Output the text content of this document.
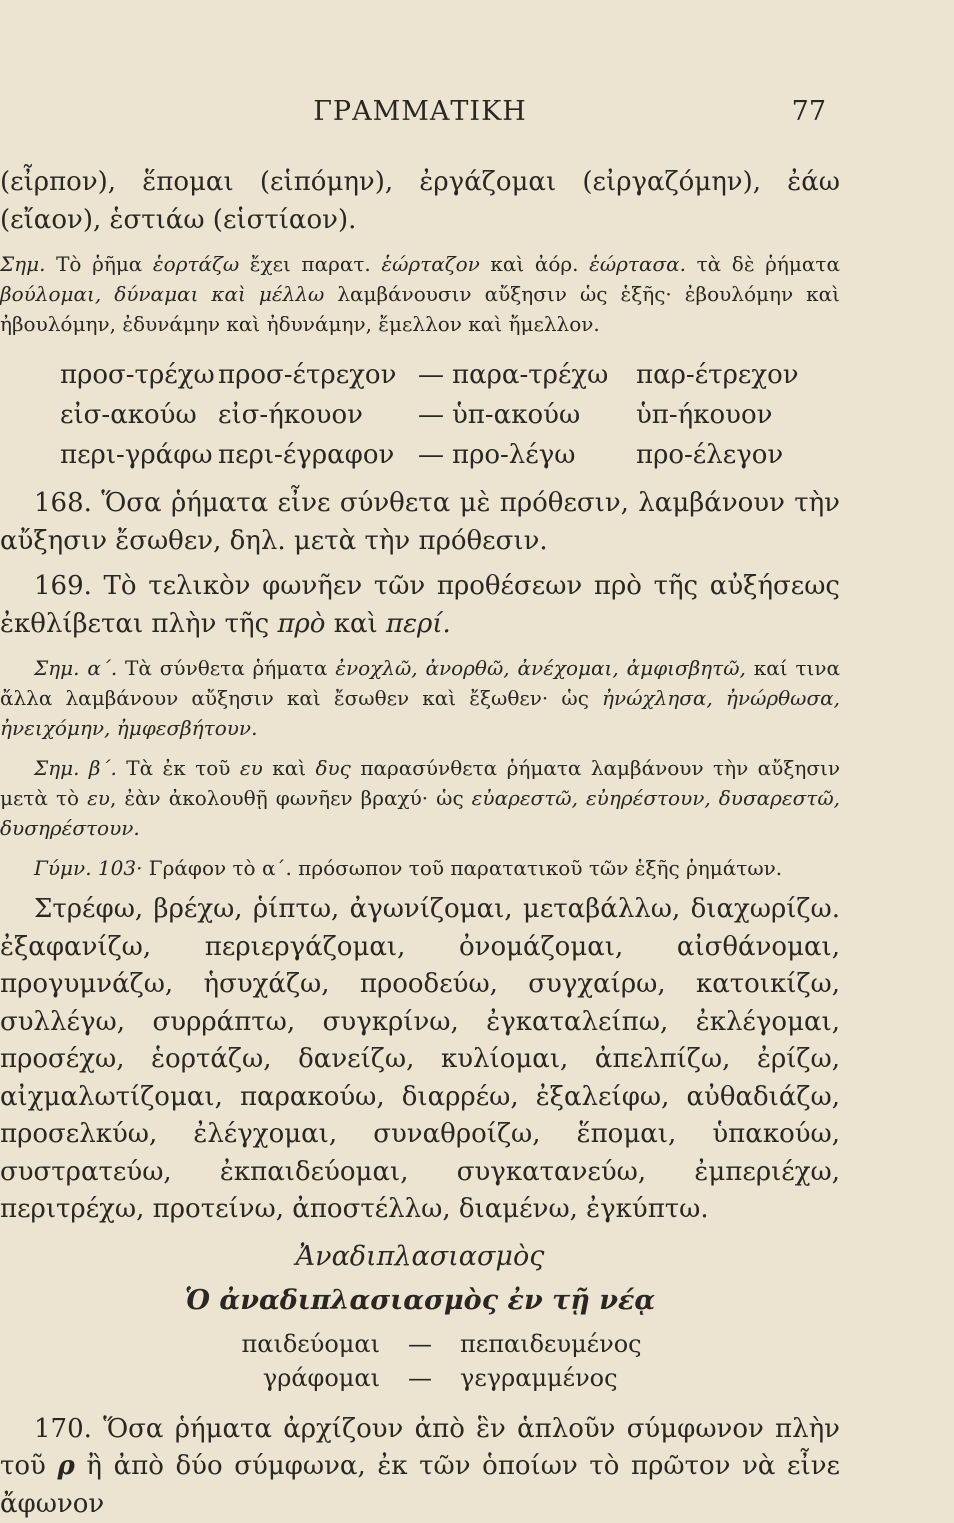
ΓΡΑΜΜΑΤΙΚΗ	77

(εἶρπον), ἕπομαι (εἱπόμην), ἐργάζομαι (εἰργαζόμην), ἐάω (εἴαον), ἑστιάω (εἱστίαον).

Σημ. Τὸ ῥῆμα ἑορτάζω ἔχει παρατ. ἑώρταζον καὶ ἀόρ. ἑώρτασα. τὰ δὲ ῥήματα βούλομαι, δύναμαι καὶ μέλλω λαμβάνουσιν αὔξησιν ὡς ἑξῆς· ἐβουλόμην καὶ ἠβουλόμην, ἐδυνάμην καὶ ἠδυνάμην, ἔμελλον καὶ ἤμελλον.

προσ-τρέχω προσ-έτρεχον — παρα-τρέχω	παρ-έτρεχον
εἰσ-ακούω εἰσ-ήκουον	— ὑπ-ακούω	ὑπ-ήκουον
περι-γράφω περι-έγραφον — προ-λέγω	προ-έλεγον

168. Ὅσα ῥήματα εἶνε σύνθετα μὲ πρόθεσιν, λαμβάνουν τὴν αὔξησιν ἔσωθεν, δηλ. μετὰ τὴν πρόθεσιν.

169. Τὸ τελικὸν φωνῆεν τῶν προθέσεων πρὸ τῆς αὐξήσεως ἐκθλίβεται πλὴν τῆς πρὸ καὶ περί.

Σημ. α΄. Τὰ σύνθετα ῥήματα ἐνοχλῶ, ἀνορθῶ, ἀνέχομαι, ἀμφισβητῶ, καί τινα ἄλλα λαμβάνουν αὔξησιν καὶ ἔσωθεν καὶ ἔξωθεν· ὡς ἠνώχλησα, ἠνώρθωσα, ἠνειχόμην, ἠμφεσβήτουν.

Σημ. β΄. Τὰ ἐκ τοῦ ευ καὶ δυς παρασύνθετα ῥήματα λαμβάνουν τὴν αὔξησιν μετὰ τὸ ευ, ἐὰν ἀκολουθῇ φωνῆεν βραχύ· ὡς εὐαρεστῶ, εὐηρέστουν, δυσαρεστῶ, δυσηρέστουν.

Γύμν. 103· Γράφον τὸ α΄. πρόσωπον τοῦ παρατατικοῦ τῶν ἑξῆς ῥημάτων.

Στρέφω, βρέχω, ῥίπτω, ἀγωνίζομαι, μεταβάλλω, διαχωρίζω. ἐξαφανίζω, περιεργάζομαι, ὀνομάζομαι, αἰσθάνομαι, προγυμνάζω, ἡσυχάζω, προοδεύω, συγχαίρω, κατοικίζω, συλλέγω, συρράπτω, συγκρίνω, ἐγκαταλείπω, ἐκλέγομαι, προσέχω, ἑορτάζω, δανείζω, κυλίομαι, ἀπελπίζω, ἐρίζω, αἰχμαλωτίζομαι, παρακούω, διαρρέω, ἐξαλείφω, αὐθαδιάζω, προσελκύω, ἐλέγχομαι, συναθροίζω, ἕπομαι, ὑπακούω, συστρατεύω, ἐκπαιδεύομαι, συγκατανεύω, ἐμπεριέχω, περιτρέχω, προτείνω, ἀποστέλλω, διαμένω, ἐγκύπτω.

Ἀναδιπλασιασμὸς
Ὁ ἀναδιπλασιασμὸς ἐν τῇ νέᾳ
παιδεύομαι — πεπαιδευμένος
γράφομαι — γεγραμμένος

170. Ὅσα ῥήματα ἀρχίζουν ἀπὸ ἓν ἁπλοῦν σύμφωνον πλὴν τοῦ ρ ἢ ἀπὸ δύο σύμφωνα, ἐκ τῶν ὁποίων τὸ πρῶτον νὰ εἶνε ἄφωνον
